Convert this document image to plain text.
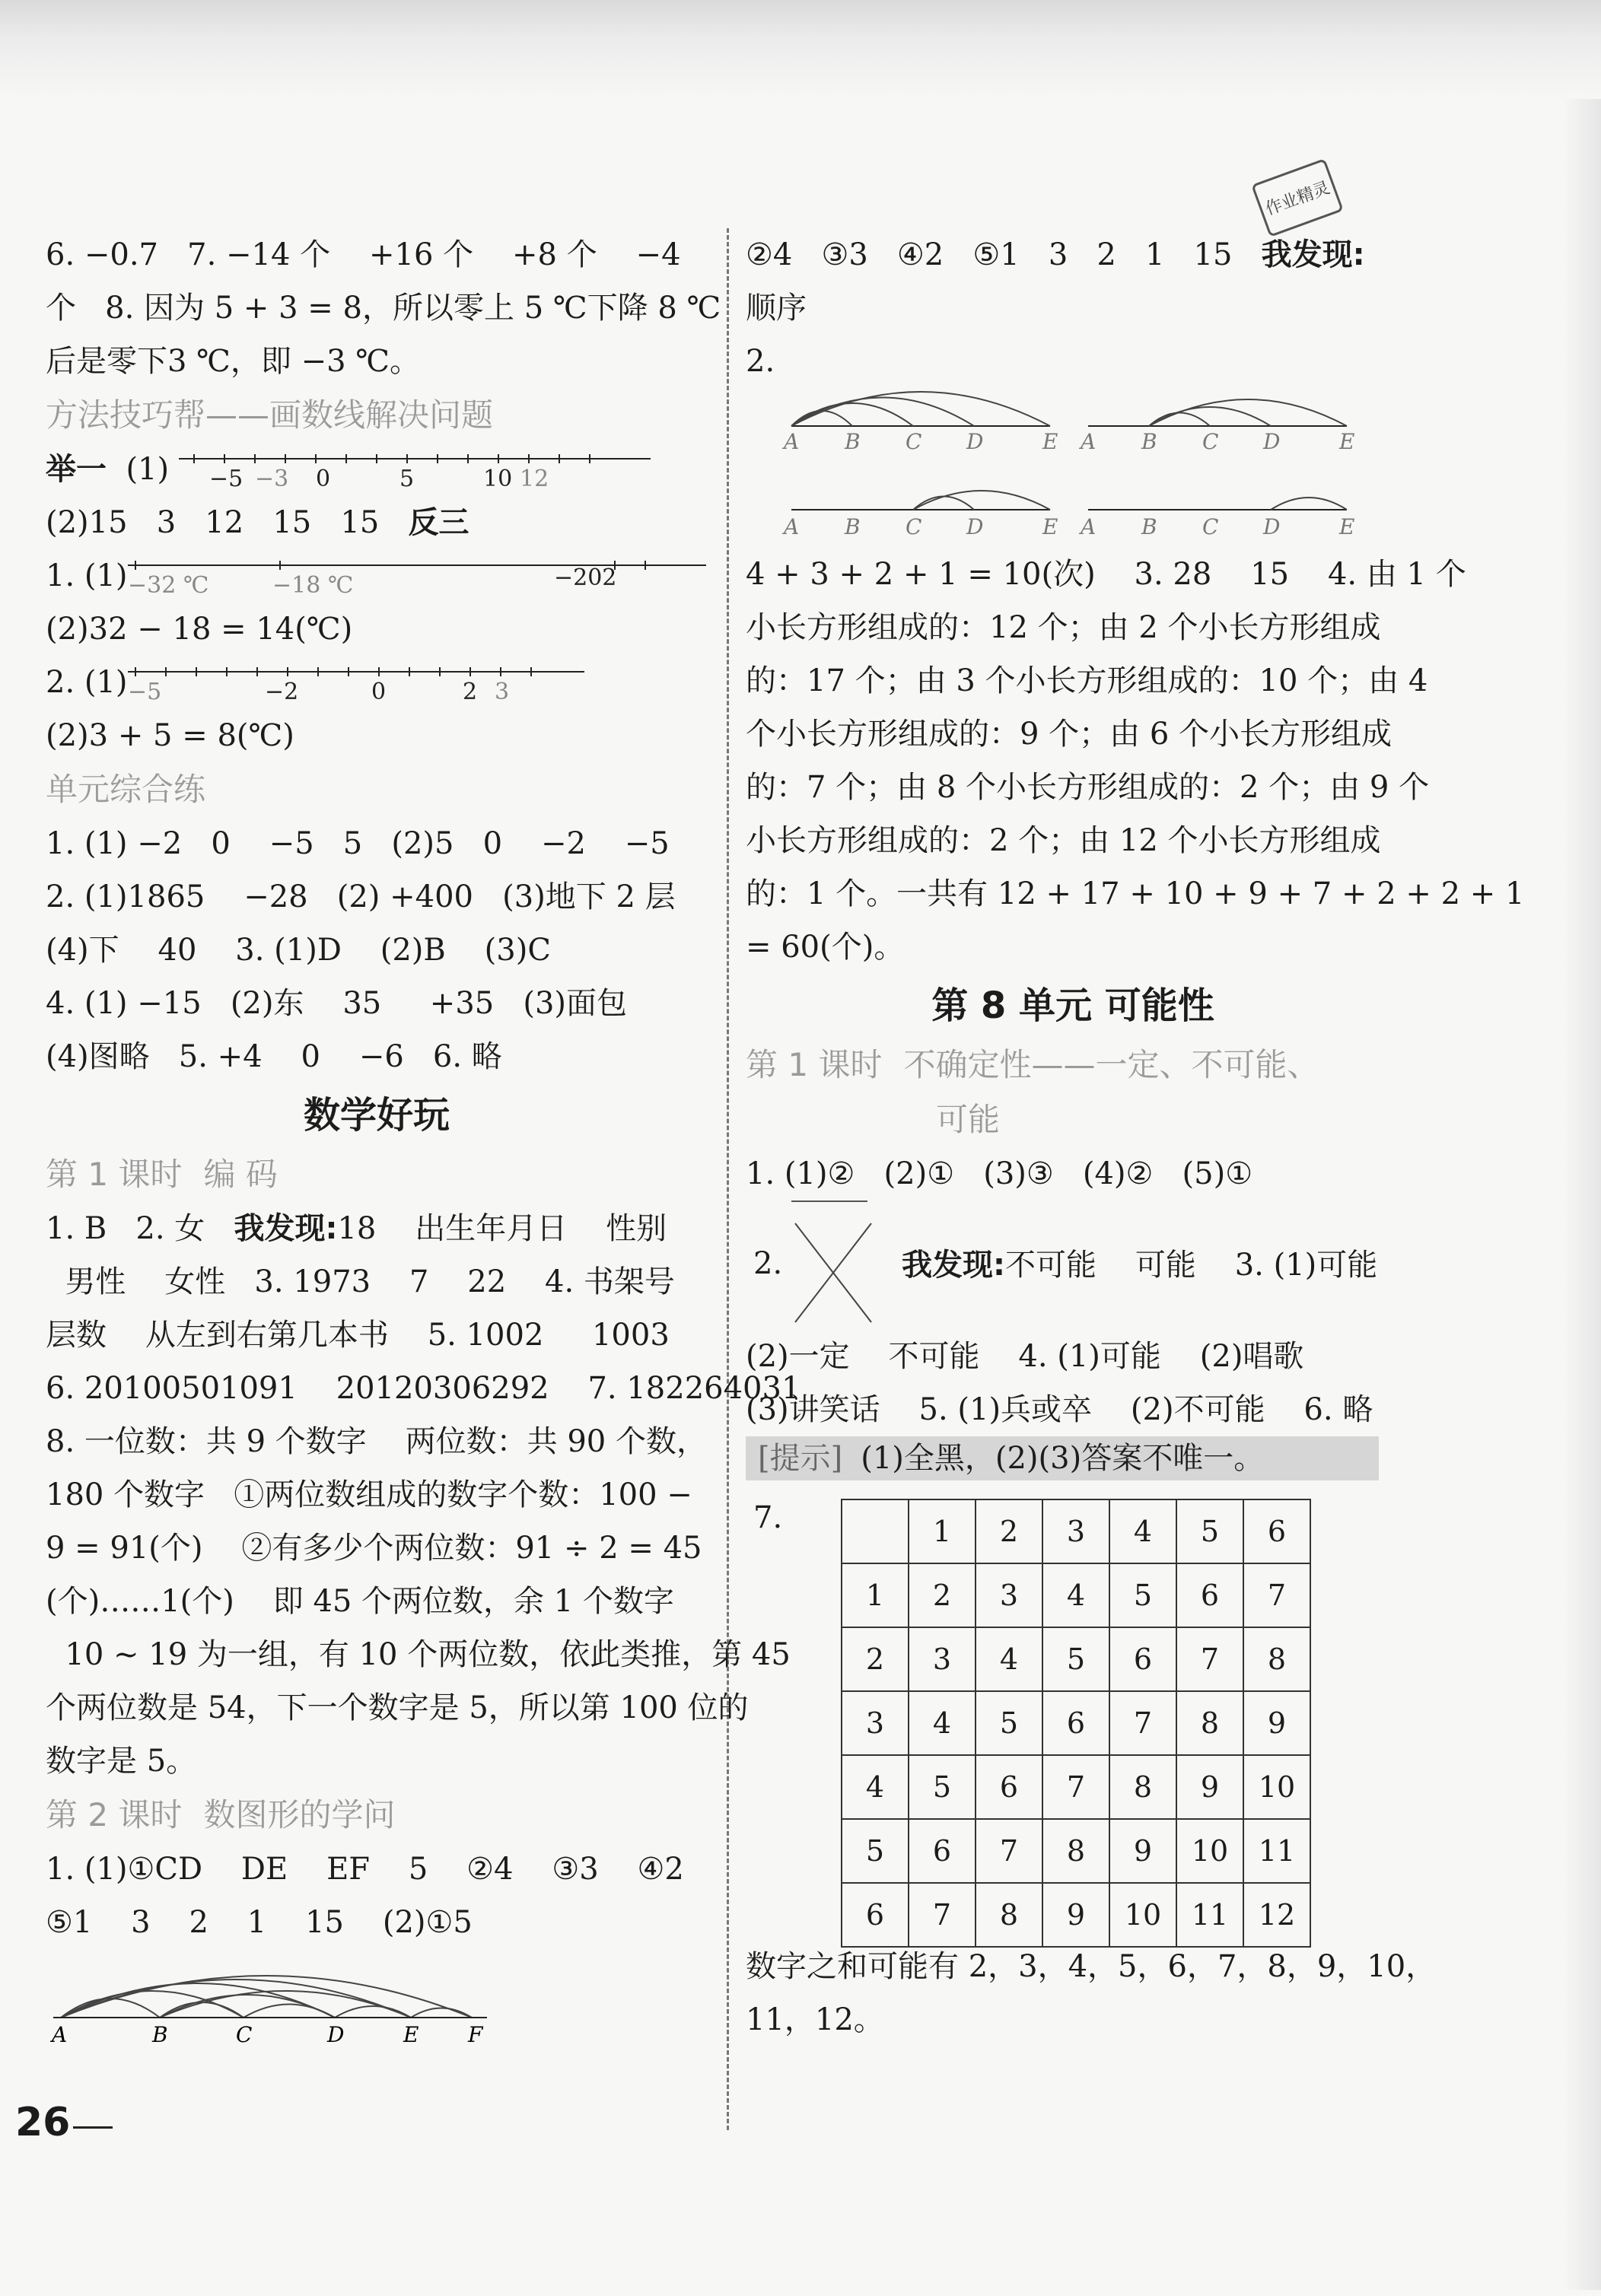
作业精灵
6. −0.7   7. −14 个    +16 个    +8 个    −4
个   8. 因为 5 + 3 = 8，所以零上 5 ℃下降 8 ℃
后是零下3 ℃，即 −3 ℃。
方法技巧帮——画数线解决问题
举一 (1) −5 −3 0	5	10 12
(2)15   3   12   15   15 反三
1. (1) −32 ℃	−18 ℃	−202
(2)32 − 18 = 14(℃)
2. (1) −5	−2	0	2 3
(2)3 + 5 = 8(℃)
单元综合练
1. (1) −2   0    −5   5   (2)5   0    −2    −5
2. (1)1865    −28   (2) +400   (3)地下 2 层
(4)下    40    3. (1)D    (2)B    (3)C
4. (1) −15   (2)东    35     +35   (3)面包
(4)图略   5. +4    0    −6   6. 略
数学好玩
第 1 课时 编 码
1. B   2. 女   我发现:18    出生年月日    性别
男性    女性   3. 1973    7    22    4. 书架号
层数    从左到右第几本书    5. 1002     1003
6. 20100501091    20120306292    7. 182264031
8. 一位数：共 9 个数字    两位数：共 90 个数，
180 个数字   ①两位数组成的数字个数：100 −
9 = 91(个)    ②有多少个两位数：91 ÷ 2 = 45
(个)……1(个)    即 45 个两位数，余 1 个数字
10 ~ 19 为一组，有 10 个两位数，依此类推，第 45
个两位数是 54，下一个数字是 5，所以第 100 位的
数字是 5。
第 2 课时 数图形的学问
1. (1)①CD    DE    EF    5    ②4    ③3    ④2
⑤1    3    2    1    15    (2)①5
A	B	C	D	E F
②4   ③3   ④2   ⑤1   3   2   1   15   我发现:
顺序
2.
A B C D	E A B C D	E
A B C D	E A B C D	E
4 + 3 + 2 + 1 = 10(次)    3. 28    15    4. 由 1 个
小长方形组成的：12 个；由 2 个小长方形组成
的：17 个；由 3 个小长方形组成的：10 个；由 4
个小长方形组成的：9 个；由 6 个小长方形组成
的：7 个；由 8 个小长方形组成的：2 个；由 9 个
小长方形组成的：2 个；由 12 个小长方形组成
的：1 个。一共有 12 + 17 + 10 + 9 + 7 + 2 + 2 + 1
= 60(个)。
第 8 单元 可能性
第 1 课时 不确定性——一定、不可能、
可能
1. (1)②   (2)①   (3)③   (4)②   (5)①
2.	我发现:不可能    可能    3. (1)可能
(2)一定    不可能    4. (1)可能    (2)唱歌
(3)讲笑话    5. (1)兵或卒    (2)不可能    6. 略
[提示] (1)全黑，(2)(3)答案不唯一。
7.
		1	2	3	4	5	6
1	2	3	4	5	6	7
2	3	4	5	6	7	8
3	4	5	6	7	8	9
4	5	6	7	8	9	10
5	6	7	8	9	10	11
6	7	8	9	10	11	12
数字之和可能有 2，3，4，5，6，7，8，9，10，
11，12。
26
